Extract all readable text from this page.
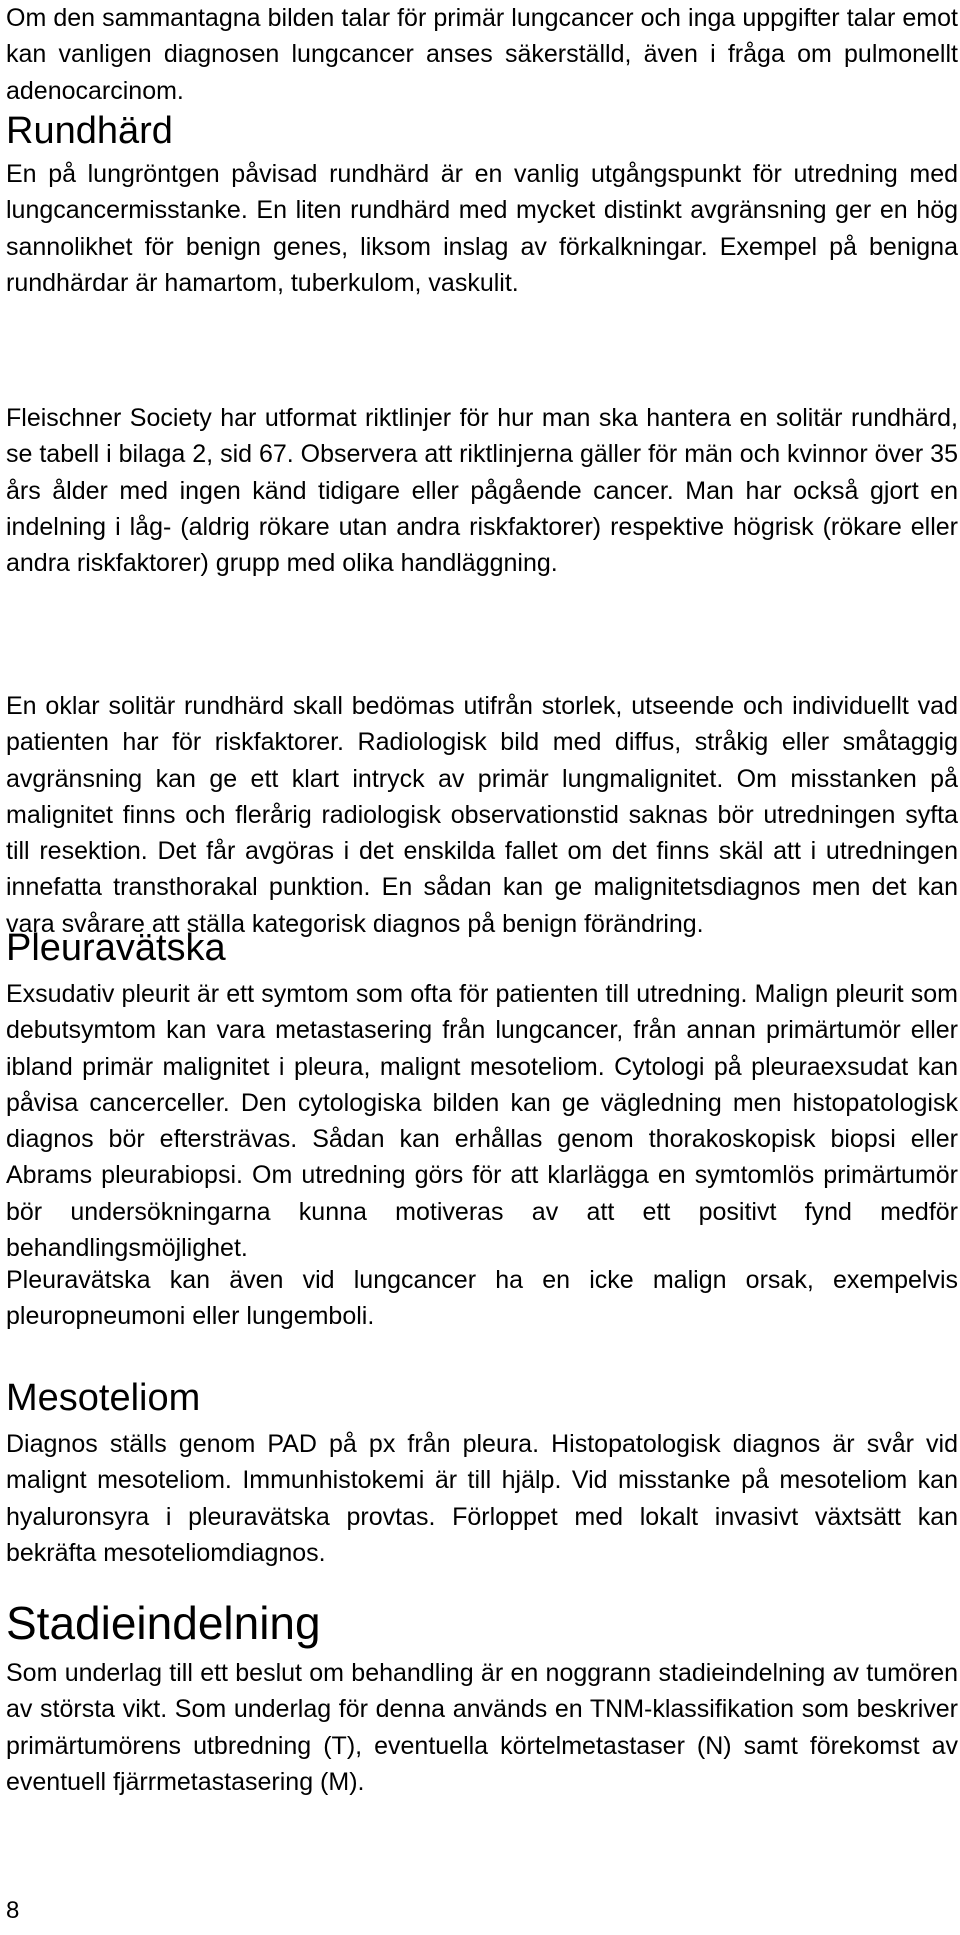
Om den sammantagna bilden talar för primär lungcancer och inga uppgifter talar emot kan vanligen diagnosen lungcancer anses säkerställd, även i fråga om pulmonellt adenocarcinom.

Rundhärd

En på lungröntgen påvisad rundhärd är en vanlig utgångspunkt för utredning med lungcancermisstanke. En liten rundhärd med mycket distinkt avgränsning ger en hög sannolikhet för benign genes, liksom inslag av förkalkningar. Exempel på benigna rundhärdar är hamartom, tuberkulom, vaskulit.

Fleischner Society har utformat riktlinjer för hur man ska hantera en solitär rundhärd, se tabell i bilaga 2, sid 67. Observera att riktlinjerna gäller för män och kvinnor över 35 års ålder med ingen känd tidigare eller pågående cancer. Man har också gjort en indelning i låg- (aldrig rökare utan andra riskfaktorer) respektive högrisk (rökare eller andra riskfaktorer) grupp med olika handläggning.

En oklar solitär rundhärd skall bedömas utifrån storlek, utseende och individuellt vad patienten har för riskfaktorer. Radiologisk bild med diffus, stråkig eller småtaggig avgränsning kan ge ett klart intryck av primär lungmalignitet. Om misstanken på malignitet finns och flerårig radiologisk observationstid saknas bör utredningen syfta till resektion. Det får avgöras i det enskilda fallet om det finns skäl att i utredningen innefatta transthorakal punktion. En sådan kan ge malignitetsdiagnos men det kan vara svårare att ställa kategorisk diagnos på benign förändring.

Pleuravätska

Exsudativ pleurit är ett symtom som ofta för patienten till utredning. Malign pleurit som debutsymtom kan vara metastasering från lungcancer, från annan primärtumör eller ibland primär malignitet i pleura, malignt mesoteliom. Cytologi på pleuraexsudat kan påvisa cancerceller. Den cytologiska bilden kan ge vägledning men histopatologisk diagnos bör eftersträvas. Sådan kan erhållas genom thorakoskopisk biopsi eller Abrams pleurabiopsi. Om utredning görs för att klarlägga en symtomlös primärtumör bör undersökningarna kunna motiveras av att ett positivt fynd medför behandlingsmöjlighet.

Pleuravätska kan även vid lungcancer ha en icke malign orsak, exempelvis pleuropneumoni eller lungemboli.

Mesoteliom

Diagnos ställs genom PAD på px från pleura. Histopatologisk diagnos är svår vid malignt mesoteliom. Immunhistokemi är till hjälp. Vid misstanke på mesoteliom kan hyaluronsyra i pleuravätska provtas. Förloppet med lokalt invasivt växtsätt kan bekräfta mesoteliomdiagnos.

Stadieindelning

Som underlag till ett beslut om behandling är en noggrann stadieindelning av tumören av största vikt. Som underlag för denna används en TNM-klassifikation som beskriver primärtumörens utbredning (T), eventuella körtelmetastaser (N) samt förekomst av eventuell fjärrmetastasering (M).

8
